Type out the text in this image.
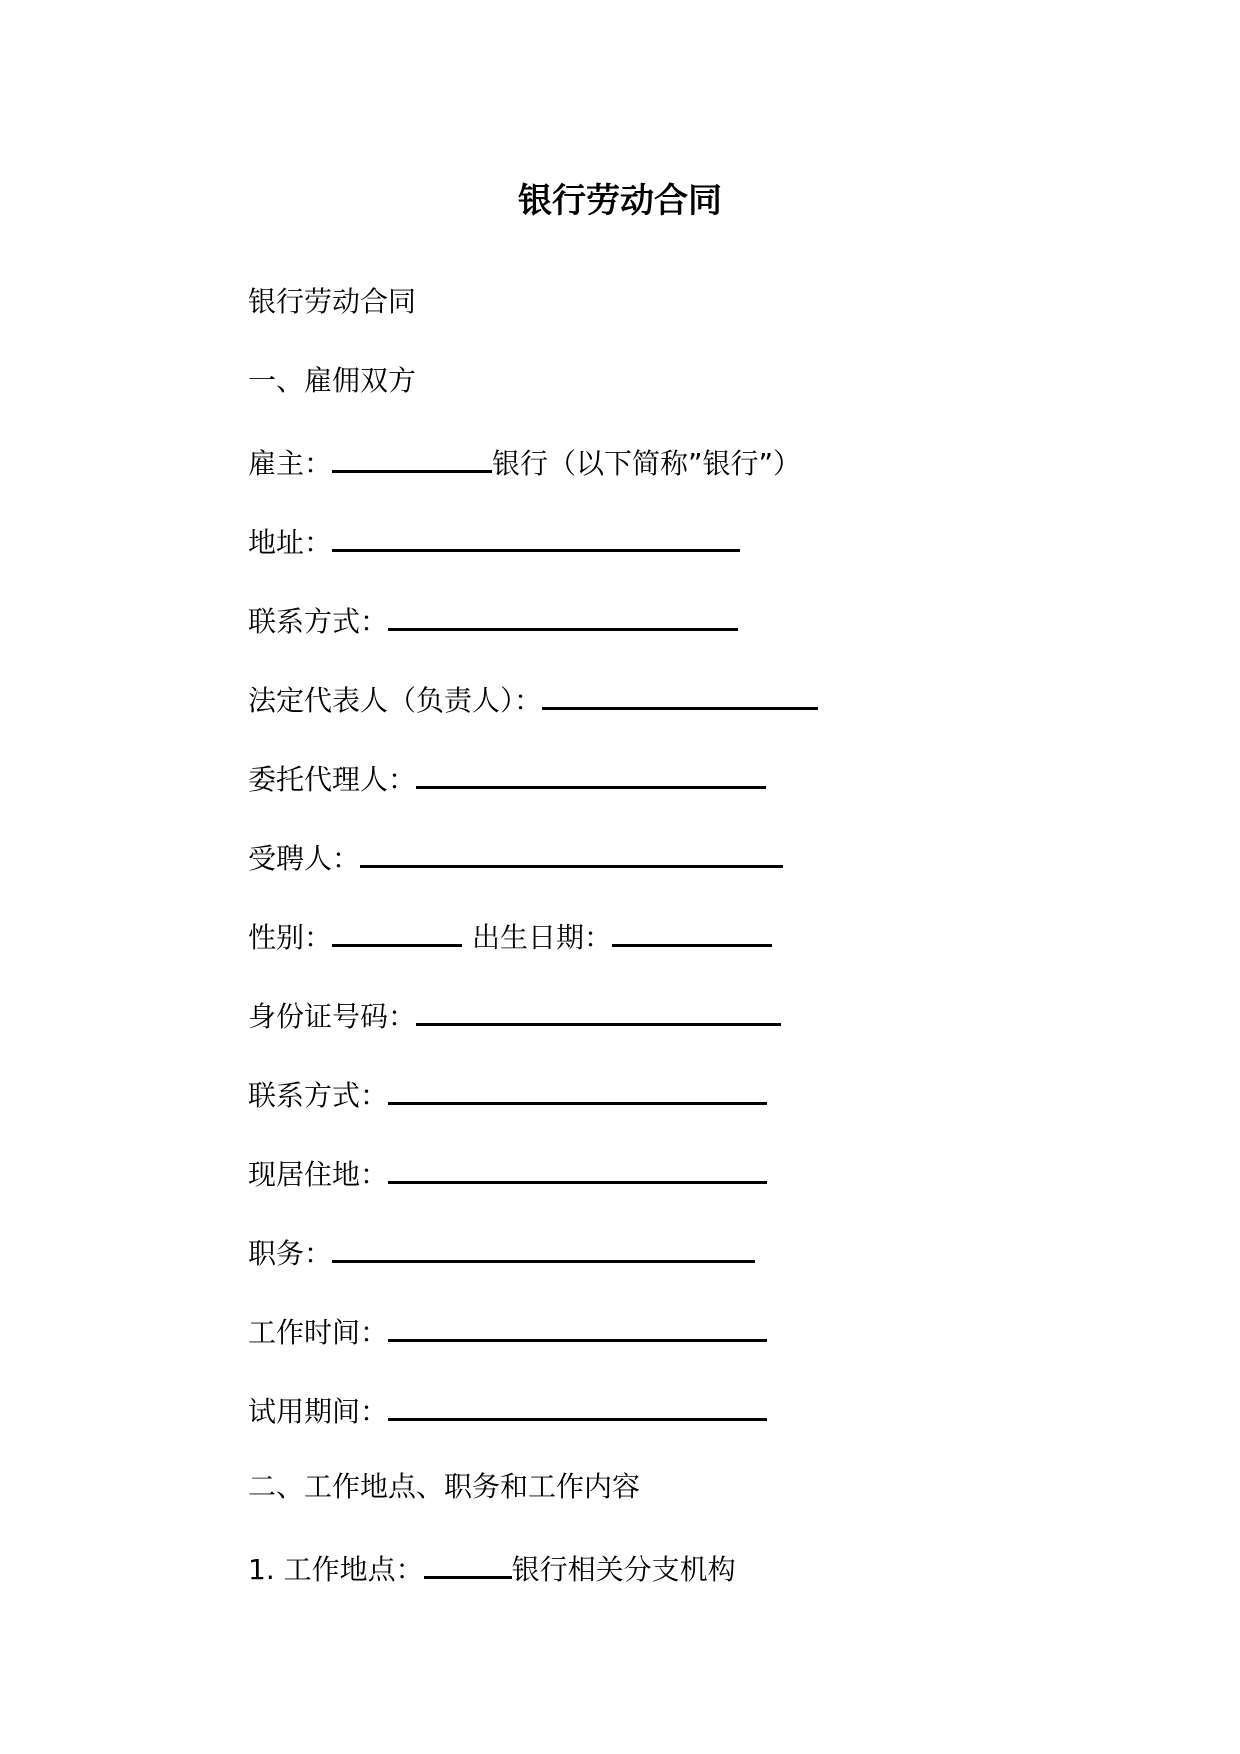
银行劳动合同
银行劳动合同
一、雇佣双方
雇主：	银行（以下简称”银行”）
地址：
联系方式：
法定代表人（负责人）：
委托代理人：
受聘人：
性别：	出生日期：
身份证号码：
联系方式：
现居住地：
职务：
工作时间：
试用期间：
二、工作地点、职务和工作内容
1. 工作地点：	银行相关分支机构
